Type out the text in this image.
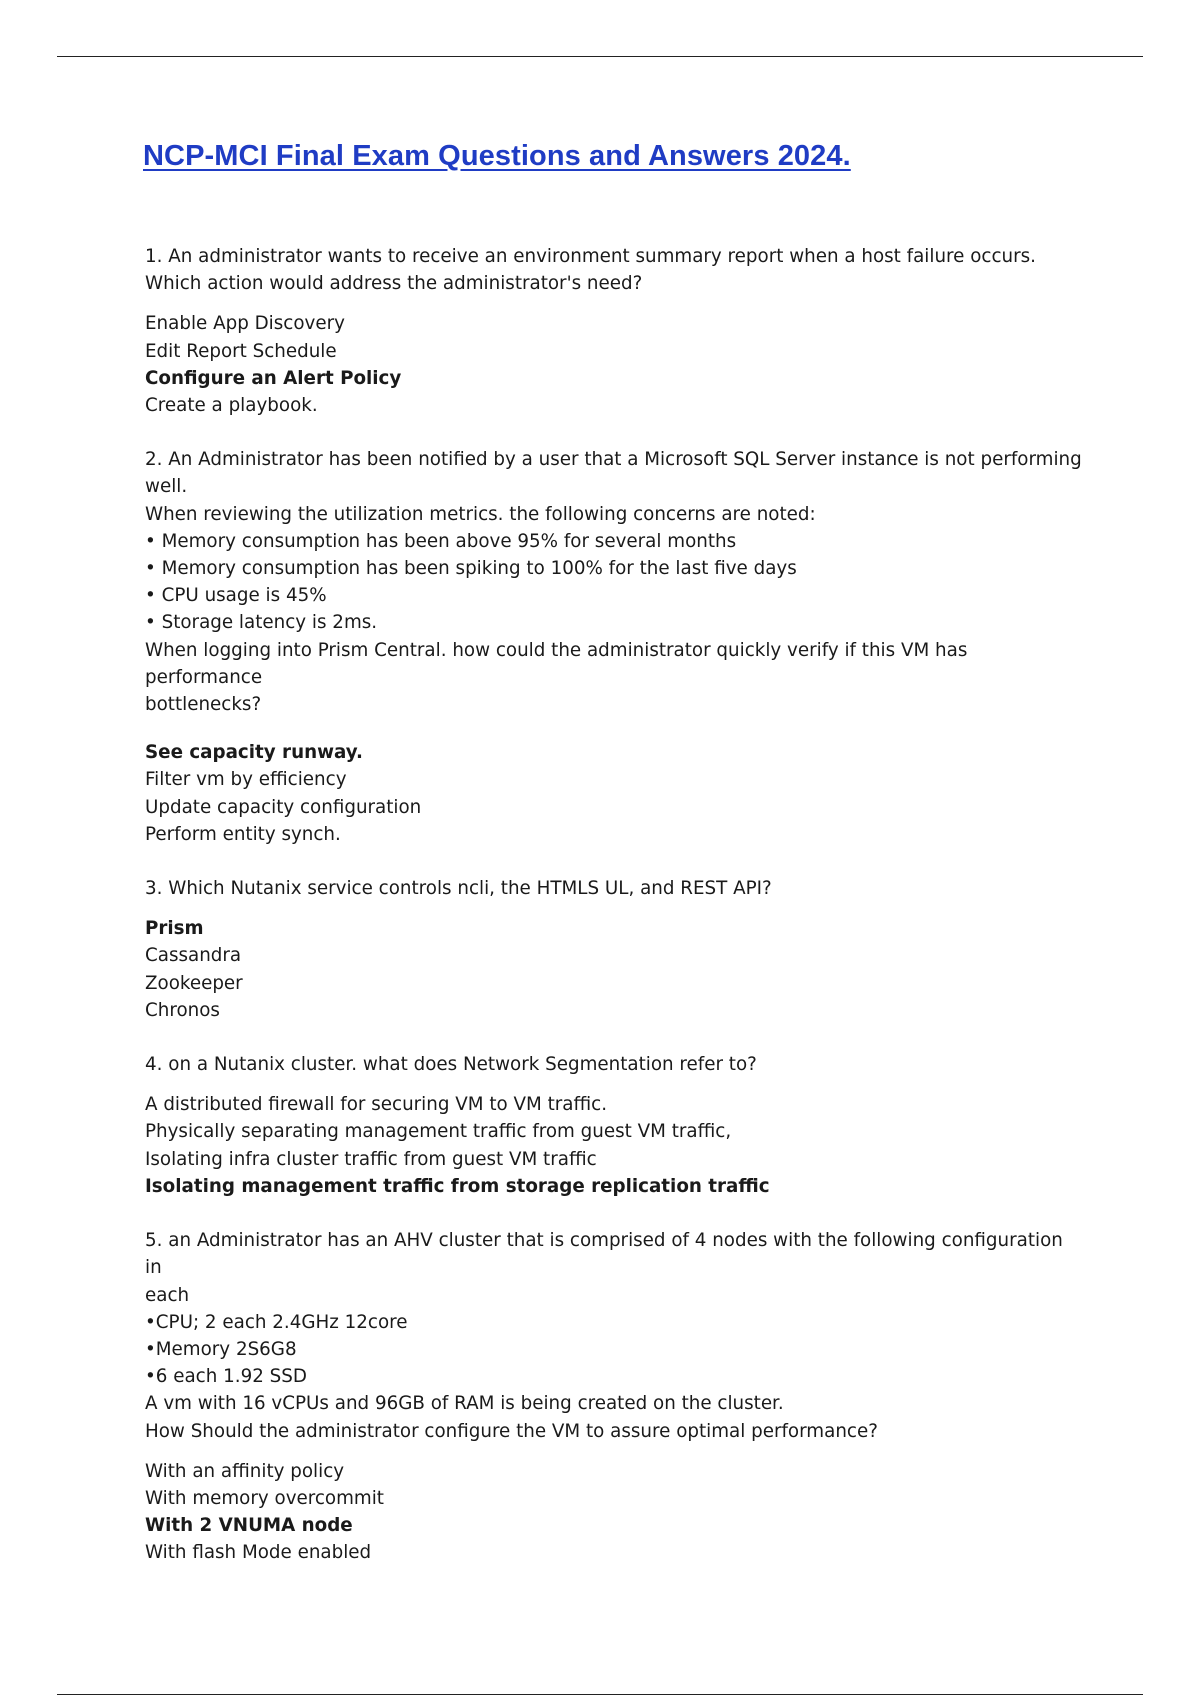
NCP-MCI Final Exam Questions and Answers 2024.
1. An administrator wants to receive an environment summary report when a host failure occurs.
Which action would address the administrator's need?
Enable App Discovery
Edit Report Schedule
Configure an Alert Policy
Create a playbook.
2. An Administrator has been notified by a user that a Microsoft SQL Server instance is not performing
well.
When reviewing the utilization metrics. the following concerns are noted:
• Memory consumption has been above 95% for several months
• Memory consumption has been spiking to 100% for the last five days
• CPU usage is 45%
• Storage latency is 2ms.
When logging into Prism Central. how could the administrator quickly verify if this VM has performance
bottlenecks?
See capacity runway.
Filter vm by efficiency
Update capacity configuration
Perform entity synch.
3. Which Nutanix service controls ncli, the HTMLS UL, and REST API?
Prism
Cassandra
Zookeeper
Chronos
4. on a Nutanix cluster. what does Network Segmentation refer to?
A distributed firewall for securing VM to VM traffic.
Physically separating management traffic from guest VM traffic,
Isolating infra cluster traffic from guest VM traffic
Isolating management traffic from storage replication traffic
5. an Administrator has an AHV cluster that is comprised of 4 nodes with the following configuration in
each
•CPU; 2 each 2.4GHz 12core
•Memory 2S6G8
•6 each 1.92 SSD
A vm with 16 vCPUs and 96GB of RAM is being created on the cluster.
How Should the administrator configure the VM to assure optimal performance?
With an affinity policy
With memory overcommit
With 2 VNUMA node
With flash Mode enabled
